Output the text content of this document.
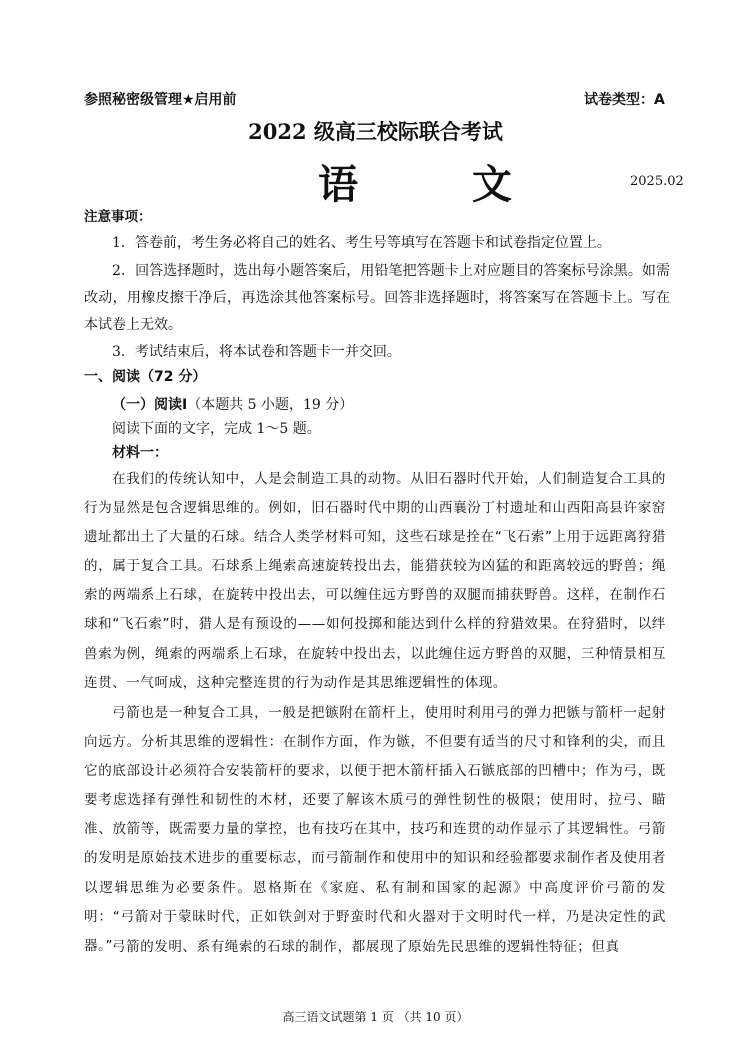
参照秘密级管理★启用前	试卷类型：A
2022 级高三校际联合考试
语 文	2025.02
注意事项：
1．答卷前，考生务必将自己的姓名、考生号等填写在答题卡和试卷指定位置上。
2．回答选择题时，选出每小题答案后，用铅笔把答题卡上对应题目的答案标号涂黑。如需改动，用橡皮擦干净后，再选涂其他答案标号。回答非选择题时，将答案写在答题卡上。写在本试卷上无效。
3．考试结束后，将本试卷和答题卡一并交回。
一、阅读（72 分）
（一）阅读Ⅰ（本题共 5 小题，19 分）
阅读下面的文字，完成 1～5 题。
材料一：
在我们的传统认知中，人是会制造工具的动物。从旧石器时代开始，人们制造复合工具的行为显然是包含逻辑思维的。例如，旧石器时代中期的山西襄汾丁村遗址和山西阳高县许家窑遗址都出土了大量的石球。结合人类学材料可知，这些石球是拴在“飞石索”上用于远距离狩猎的，属于复合工具。石球系上绳索高速旋转投出去，能猎获较为凶猛的和距离较远的野兽；绳索的两端系上石球，在旋转中投出去，可以缠住远方野兽的双腿而捕获野兽。这样，在制作石球和“飞石索”时，猎人是有预设的——如何投掷和能达到什么样的狩猎效果。在狩猎时，以绊兽索为例，绳索的两端系上石球，在旋转中投出去，以此缠住远方野兽的双腿，三种情景相互连贯、一气呵成，这种完整连贯的行为动作是其思维逻辑性的体现。
弓箭也是一种复合工具，一般是把镞附在箭杆上，使用时利用弓的弹力把镞与箭杆一起射向远方。分析其思维的逻辑性：在制作方面，作为镞，不但要有适当的尺寸和锋利的尖，而且它的底部设计必须符合安装箭杆的要求，以便于把木箭杆插入石镞底部的凹槽中；作为弓，既要考虑选择有弹性和韧性的木材，还要了解该木质弓的弹性韧性的极限；使用时，拉弓、瞄准、放箭等，既需要力量的掌控，也有技巧在其中，技巧和连贯的动作显示了其逻辑性。弓箭的发明是原始技术进步的重要标志，而弓箭制作和使用中的知识和经验都要求制作者及使用者以逻辑思维为必要条件。恩格斯在《家庭、私有制和国家的起源》中高度评价弓箭的发明：“弓箭对于蒙昧时代，正如铁剑对于野蛮时代和火器对于文明时代一样，乃是决定性的武器。”
弓箭的发明、系有绳索的石球的制作，都展现了原始先民思维的逻辑性特征；但真
高三语文试题第 1 页 （共 10 页）
